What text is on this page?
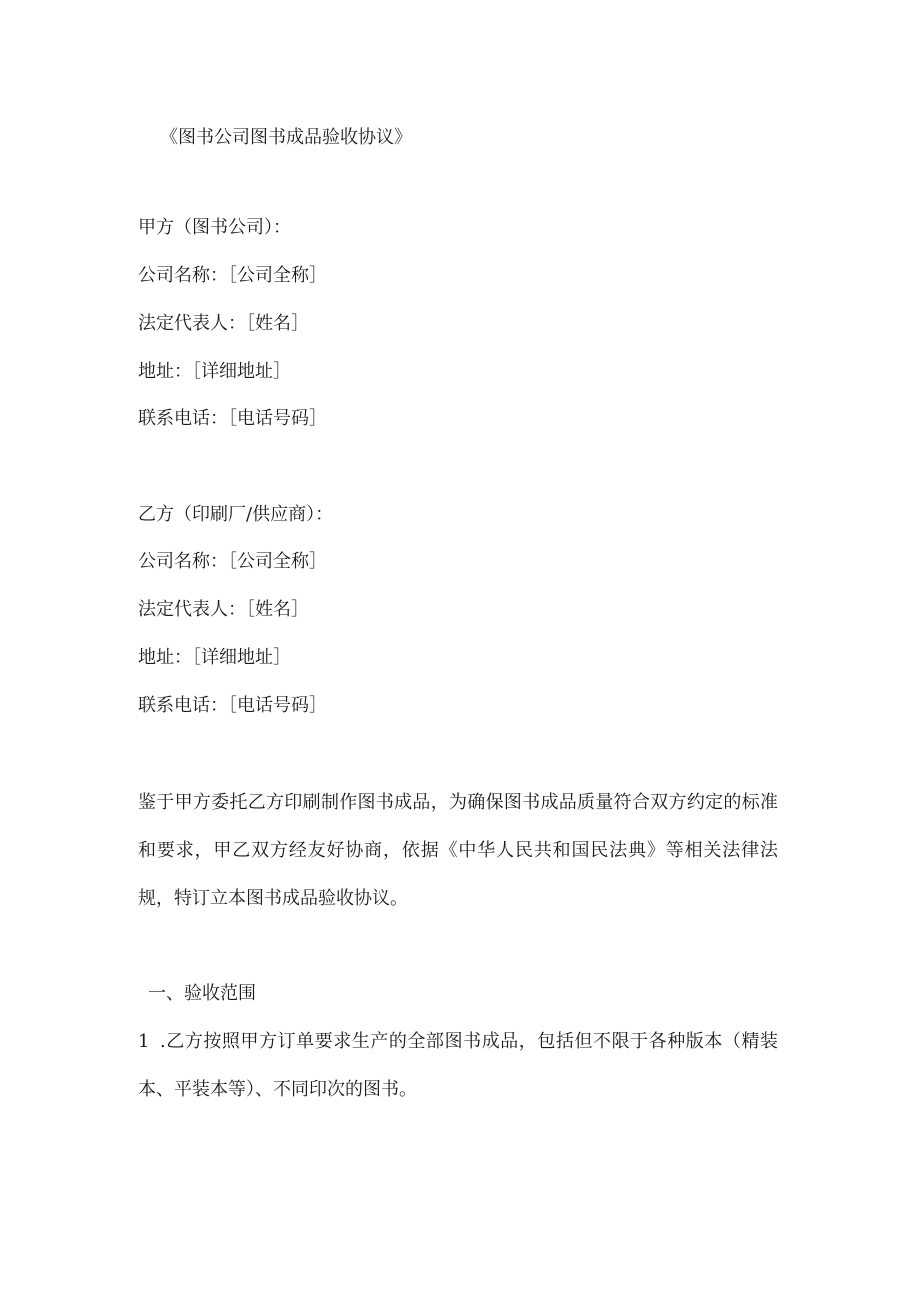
《图书公司图书成品验收协议》
甲方（图书公司）：
公司名称：［公司全称］
法定代表人：［姓名］
地址：［详细地址］
联系电话：［电话号码］
乙方（印刷厂/供应商）：
公司名称：［公司全称］
法定代表人：［姓名］
地址：［详细地址］
联系电话：［电话号码］
鉴于甲方委托乙方印刷制作图书成品，为确保图书成品质量符合双方约定的标准和要求，甲乙双方经友好协商，依据《中华人民共和国民法典》等相关法律法规，特订立本图书成品验收协议。
一、验收范围
1 .乙方按照甲方订单要求生产的全部图书成品，包括但不限于各种版本（精装本、平装本等）、不同印次的图书。
